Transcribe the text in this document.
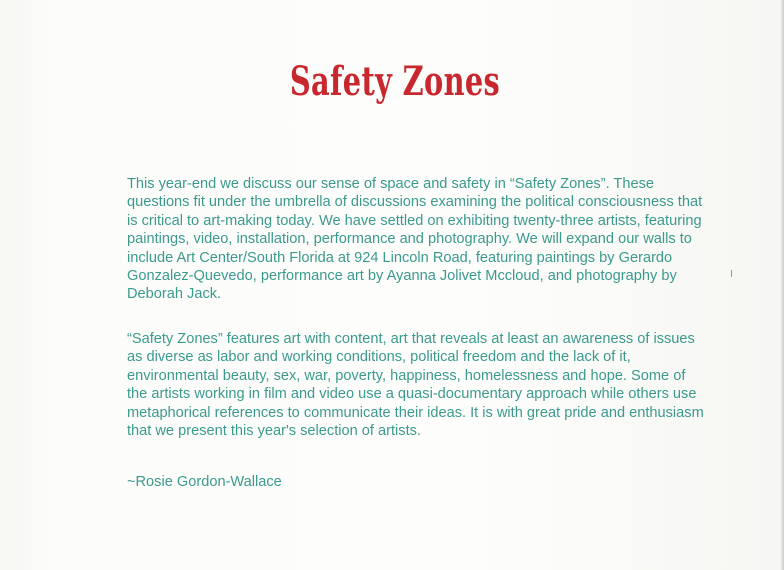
Safety Zones
This year-end we discuss our sense of space and safety in “Safety Zones”. These
questions fit under the umbrella of discussions examining the political consciousness that
is critical to art-making today. We have settled on exhibiting twenty-three artists, featuring
paintings, video, installation, performance and photography. We will expand our walls to
include Art Center/South Florida at 924 Lincoln Road, featuring paintings by Gerardo
Gonzalez-Quevedo, performance art by Ayanna Jolivet Mccloud, and photography by
Deborah Jack.
“Safety Zones” features art with content, art that reveals at least an awareness of issues
as diverse as labor and working conditions, political freedom and the lack of it,
environmental beauty, sex, war, poverty, happiness, homelessness and hope. Some of
the artists working in film and video use a quasi-documentary approach while others use
metaphorical references to communicate their ideas. It is with great pride and enthusiasm
that we present this year's selection of artists.
~Rosie Gordon-Wallace
